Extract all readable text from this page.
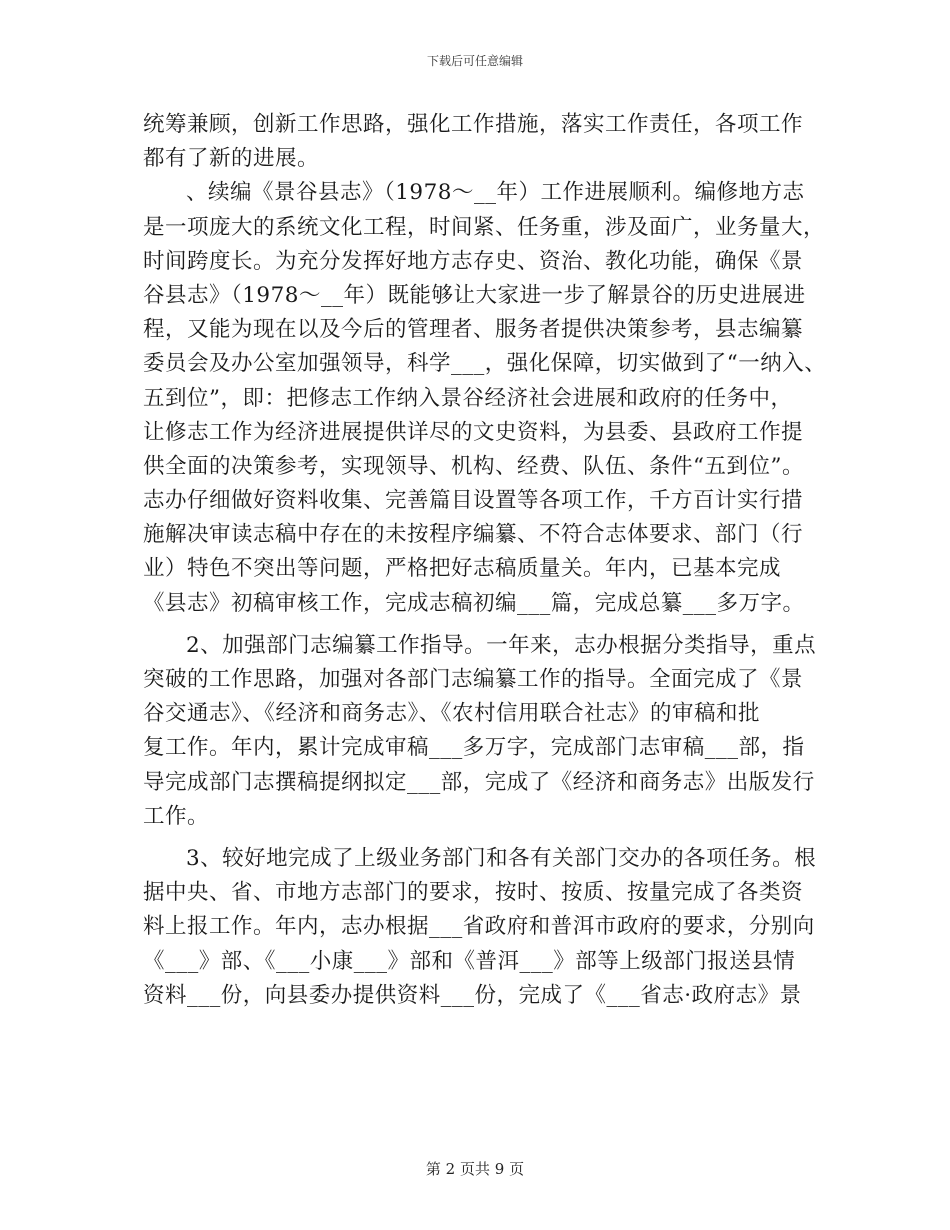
下载后可任意编辑
统筹兼顾，创新工作思路，强化工作措施，落实工作责任，各项工作
都有了新的进展。
、续编《景谷县志》（1978～__年）工作进展顺利。编修地方志
是一项庞大的系统文化工程，时间紧、任务重，涉及面广，业务量大，
时间跨度长。为充分发挥好地方志存史、资治、教化功能，确保《景
谷县志》（1978～__年）既能够让大家进一步了解景谷的历史进展进
程，又能为现在以及今后的管理者、服务者提供决策参考，县志编纂
委员会及办公室加强领导，科学___，强化保障，切实做到了“一纳入、
五到位”，即：把修志工作纳入景谷经济社会进展和政府的任务中，
让修志工作为经济进展提供详尽的文史资料，为县委、县政府工作提
供全面的决策参考，实现领导、机构、经费、队伍、条件“五到位”。
志办仔细做好资料收集、完善篇目设置等各项工作，千方百计实行措
施解决审读志稿中存在的未按程序编纂、不符合志体要求、部门（行
业）特色不突出等问题，严格把好志稿质量关。年内，已基本完成
《县志》初稿审核工作，完成志稿初编___篇，完成总纂___多万字。
2、加强部门志编纂工作指导。一年来，志办根据分类指导，重点
突破的工作思路，加强对各部门志编纂工作的指导。全面完成了《景
谷交通志》、《经济和商务志》、《农村信用联合社志》的审稿和批
复工作。年内，累计完成审稿___多万字，完成部门志审稿___部，指
导完成部门志撰稿提纲拟定___部，完成了《经济和商务志》出版发行
工作。
3、较好地完成了上级业务部门和各有关部门交办的各项任务。根
据中央、省、市地方志部门的要求，按时、按质、按量完成了各类资
料上报工作。年内，志办根据___省政府和普洱市政府的要求，分别向
《___》部、《___小康___》部和《普洱___》部等上级部门报送县情
资料___份，向县委办提供资料___份，完成了《___省志·政府志》景
第 2 页共 9 页
